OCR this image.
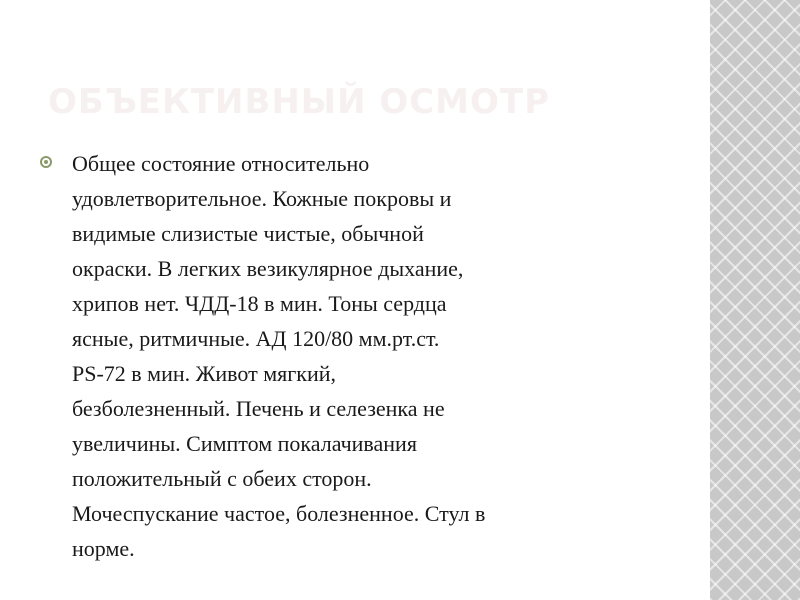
ОБЪЕКТИВНЫЙ ОСМОТР

Общее состояние относительно
удовлетворительное. Кожные покровы и
видимые слизистые чистые, обычной
окраски. В легких везикулярное дыхание,
хрипов нет. ЧДД-18 в мин. Тоны сердца
ясные, ритмичные. АД 120/80 мм.рт.ст.
PS-72 в мин. Живот мягкий,
безболезненный. Печень и селезенка не
увеличины. Симптом покалачивания
положительный с обеих сторон.
Мочеспускание частое, болезненное. Стул в
норме.
